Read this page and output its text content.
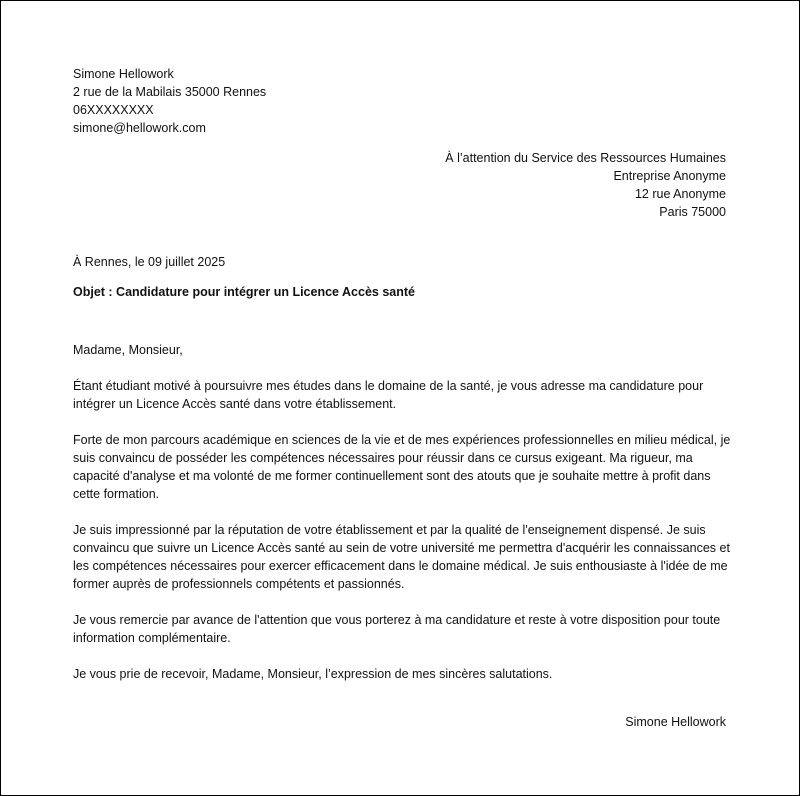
Simone Hellowork
2 rue de la Mabilais 35000 Rennes
06XXXXXXXX
simone@hellowork.com
À l’attention du Service des Ressources Humaines
Entreprise Anonyme
12 rue Anonyme
Paris 75000
À Rennes, le 09 juillet 2025
Objet : Candidature pour intégrer un Licence Accès santé

Madame, Monsieur,

Étant étudiant motivé à poursuivre mes études dans le domaine de la santé, je vous adresse ma candidature pour intégrer un Licence Accès santé dans votre établissement.

Forte de mon parcours académique en sciences de la vie et de mes expériences professionnelles en milieu médical, je suis convaincu de posséder les compétences nécessaires pour réussir dans ce cursus exigeant. Ma rigueur, ma capacité d'analyse et ma volonté de me former continuellement sont des atouts que je souhaite mettre à profit dans cette formation.

Je suis impressionné par la réputation de votre établissement et par la qualité de l'enseignement dispensé. Je suis convaincu que suivre un Licence Accès santé au sein de votre université me permettra d'acquérir les connaissances et les compétences nécessaires pour exercer efficacement dans le domaine médical. Je suis enthousiaste à l'idée de me former auprès de professionnels compétents et passionnés.

Je vous remercie par avance de l'attention que vous porterez à ma candidature et reste à votre disposition pour toute information complémentaire.

Je vous prie de recevoir, Madame, Monsieur, l’expression de mes sincères salutations.

Simone Hellowork
